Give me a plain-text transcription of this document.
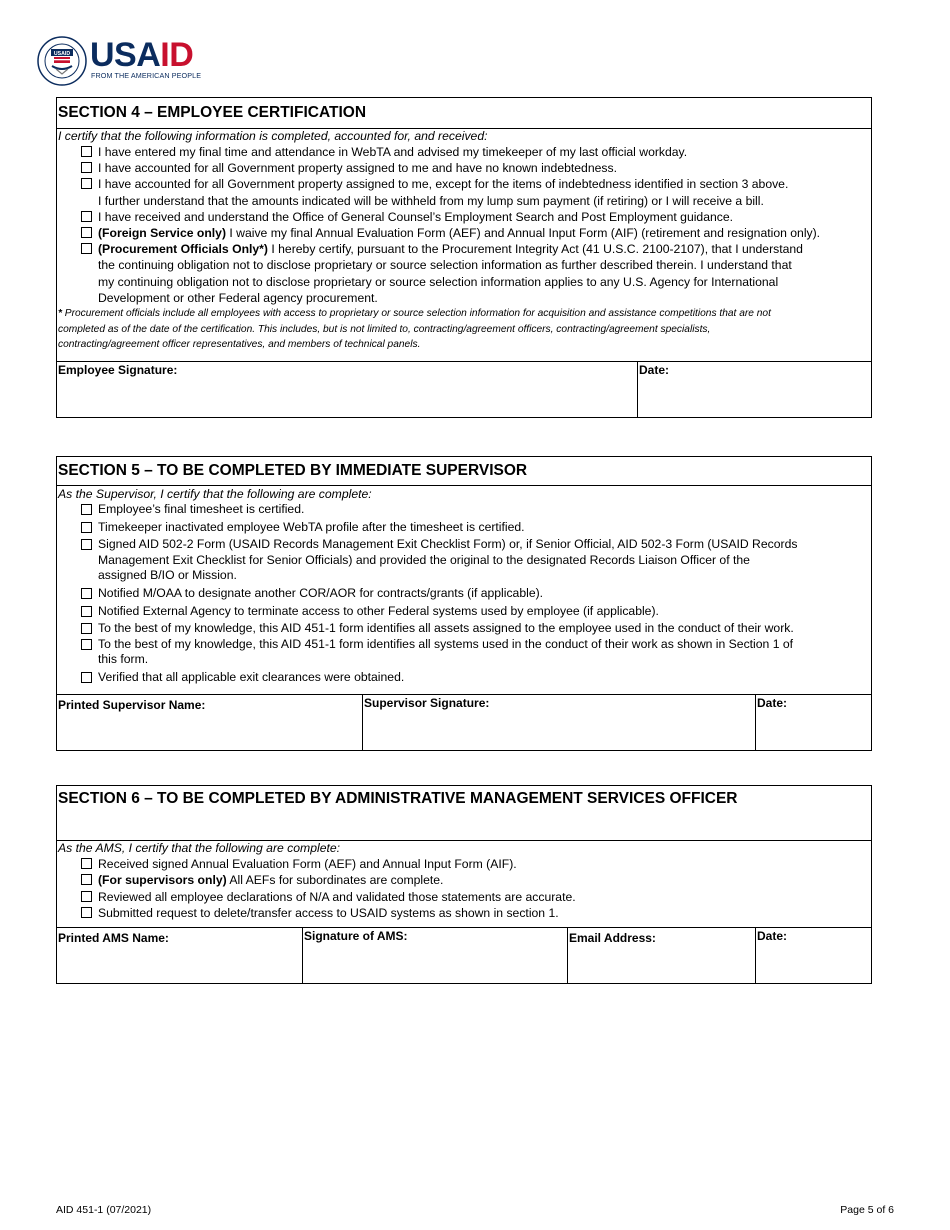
USAID USAID
FROM THE AMERICAN PEOPLE
SECTION 4 – EMPLOYEE CERTIFICATION
I certify that the following information is completed, accounted for, and received:
I have entered my final time and attendance in WebTA and advised my timekeeper of my last official workday.
I have accounted for all Government property assigned to me and have no known indebtedness.
I have accounted for all Government property assigned to me, except for the items of indebtedness identified in section 3 above.
I further understand that the amounts indicated will be withheld from my lump sum payment (if retiring) or I will receive a bill.
I have received and understand the Office of General Counsel’s Employment Search and Post Employment guidance.
(Foreign Service only) I waive my final Annual Evaluation Form (AEF) and Annual Input Form (AIF) (retirement and resignation only).
(Procurement Officials Only*) I hereby certify, pursuant to the Procurement Integrity Act (41 U.S.C. 2100-2107), that I understand
the continuing obligation not to disclose proprietary or source selection information as further described therein. I understand that
my continuing obligation not to disclose proprietary or source selection information applies to any U.S. Agency for International
Development or other Federal agency procurement.
* Procurement officials include all employees with access to proprietary or source selection information for acquisition and assistance competitions that are not
completed as of the date of the certification. This includes, but is not limited to, contracting/agreement officers, contracting/agreement specialists,
contracting/agreement officer representatives, and members of technical panels.
Employee Signature:	Date:
SECTION 5 – TO BE COMPLETED BY IMMEDIATE SUPERVISOR
As the Supervisor, I certify that the following are complete:
Employee’s final timesheet is certified.
Timekeeper inactivated employee WebTA profile after the timesheet is certified.
Signed AID 502-2 Form (USAID Records Management Exit Checklist Form) or, if Senior Official, AID 502-3 Form (USAID Records
Management Exit Checklist for Senior Officials) and provided the original to the designated Records Liaison Officer of the
assigned B/IO or Mission.
Notified M/OAA to designate another COR/AOR for contracts/grants (if applicable).
Notified External Agency to terminate access to other Federal systems used by employee (if applicable).
To the best of my knowledge, this AID 451-1 form identifies all assets assigned to the employee used in the conduct of their work.
To the best of my knowledge, this AID 451-1 form identifies all systems used in the conduct of their work as shown in Section 1 of
this form.
Verified that all applicable exit clearances were obtained.
Printed Supervisor Name:	Supervisor Signature:	Date:
SECTION 6 – TO BE COMPLETED BY ADMINISTRATIVE MANAGEMENT SERVICES OFFICER
As the AMS, I certify that the following are complete:
Received signed Annual Evaluation Form (AEF) and Annual Input Form (AIF).
(For supervisors only) All AEFs for subordinates are complete.
Reviewed all employee declarations of N/A and validated those statements are accurate.
Submitted request to delete/transfer access to USAID systems as shown in section 1.
Printed AMS Name:	Signature of AMS:	Email Address:	Date:
AID 451-1 (07/2021)	Page 5 of 6
